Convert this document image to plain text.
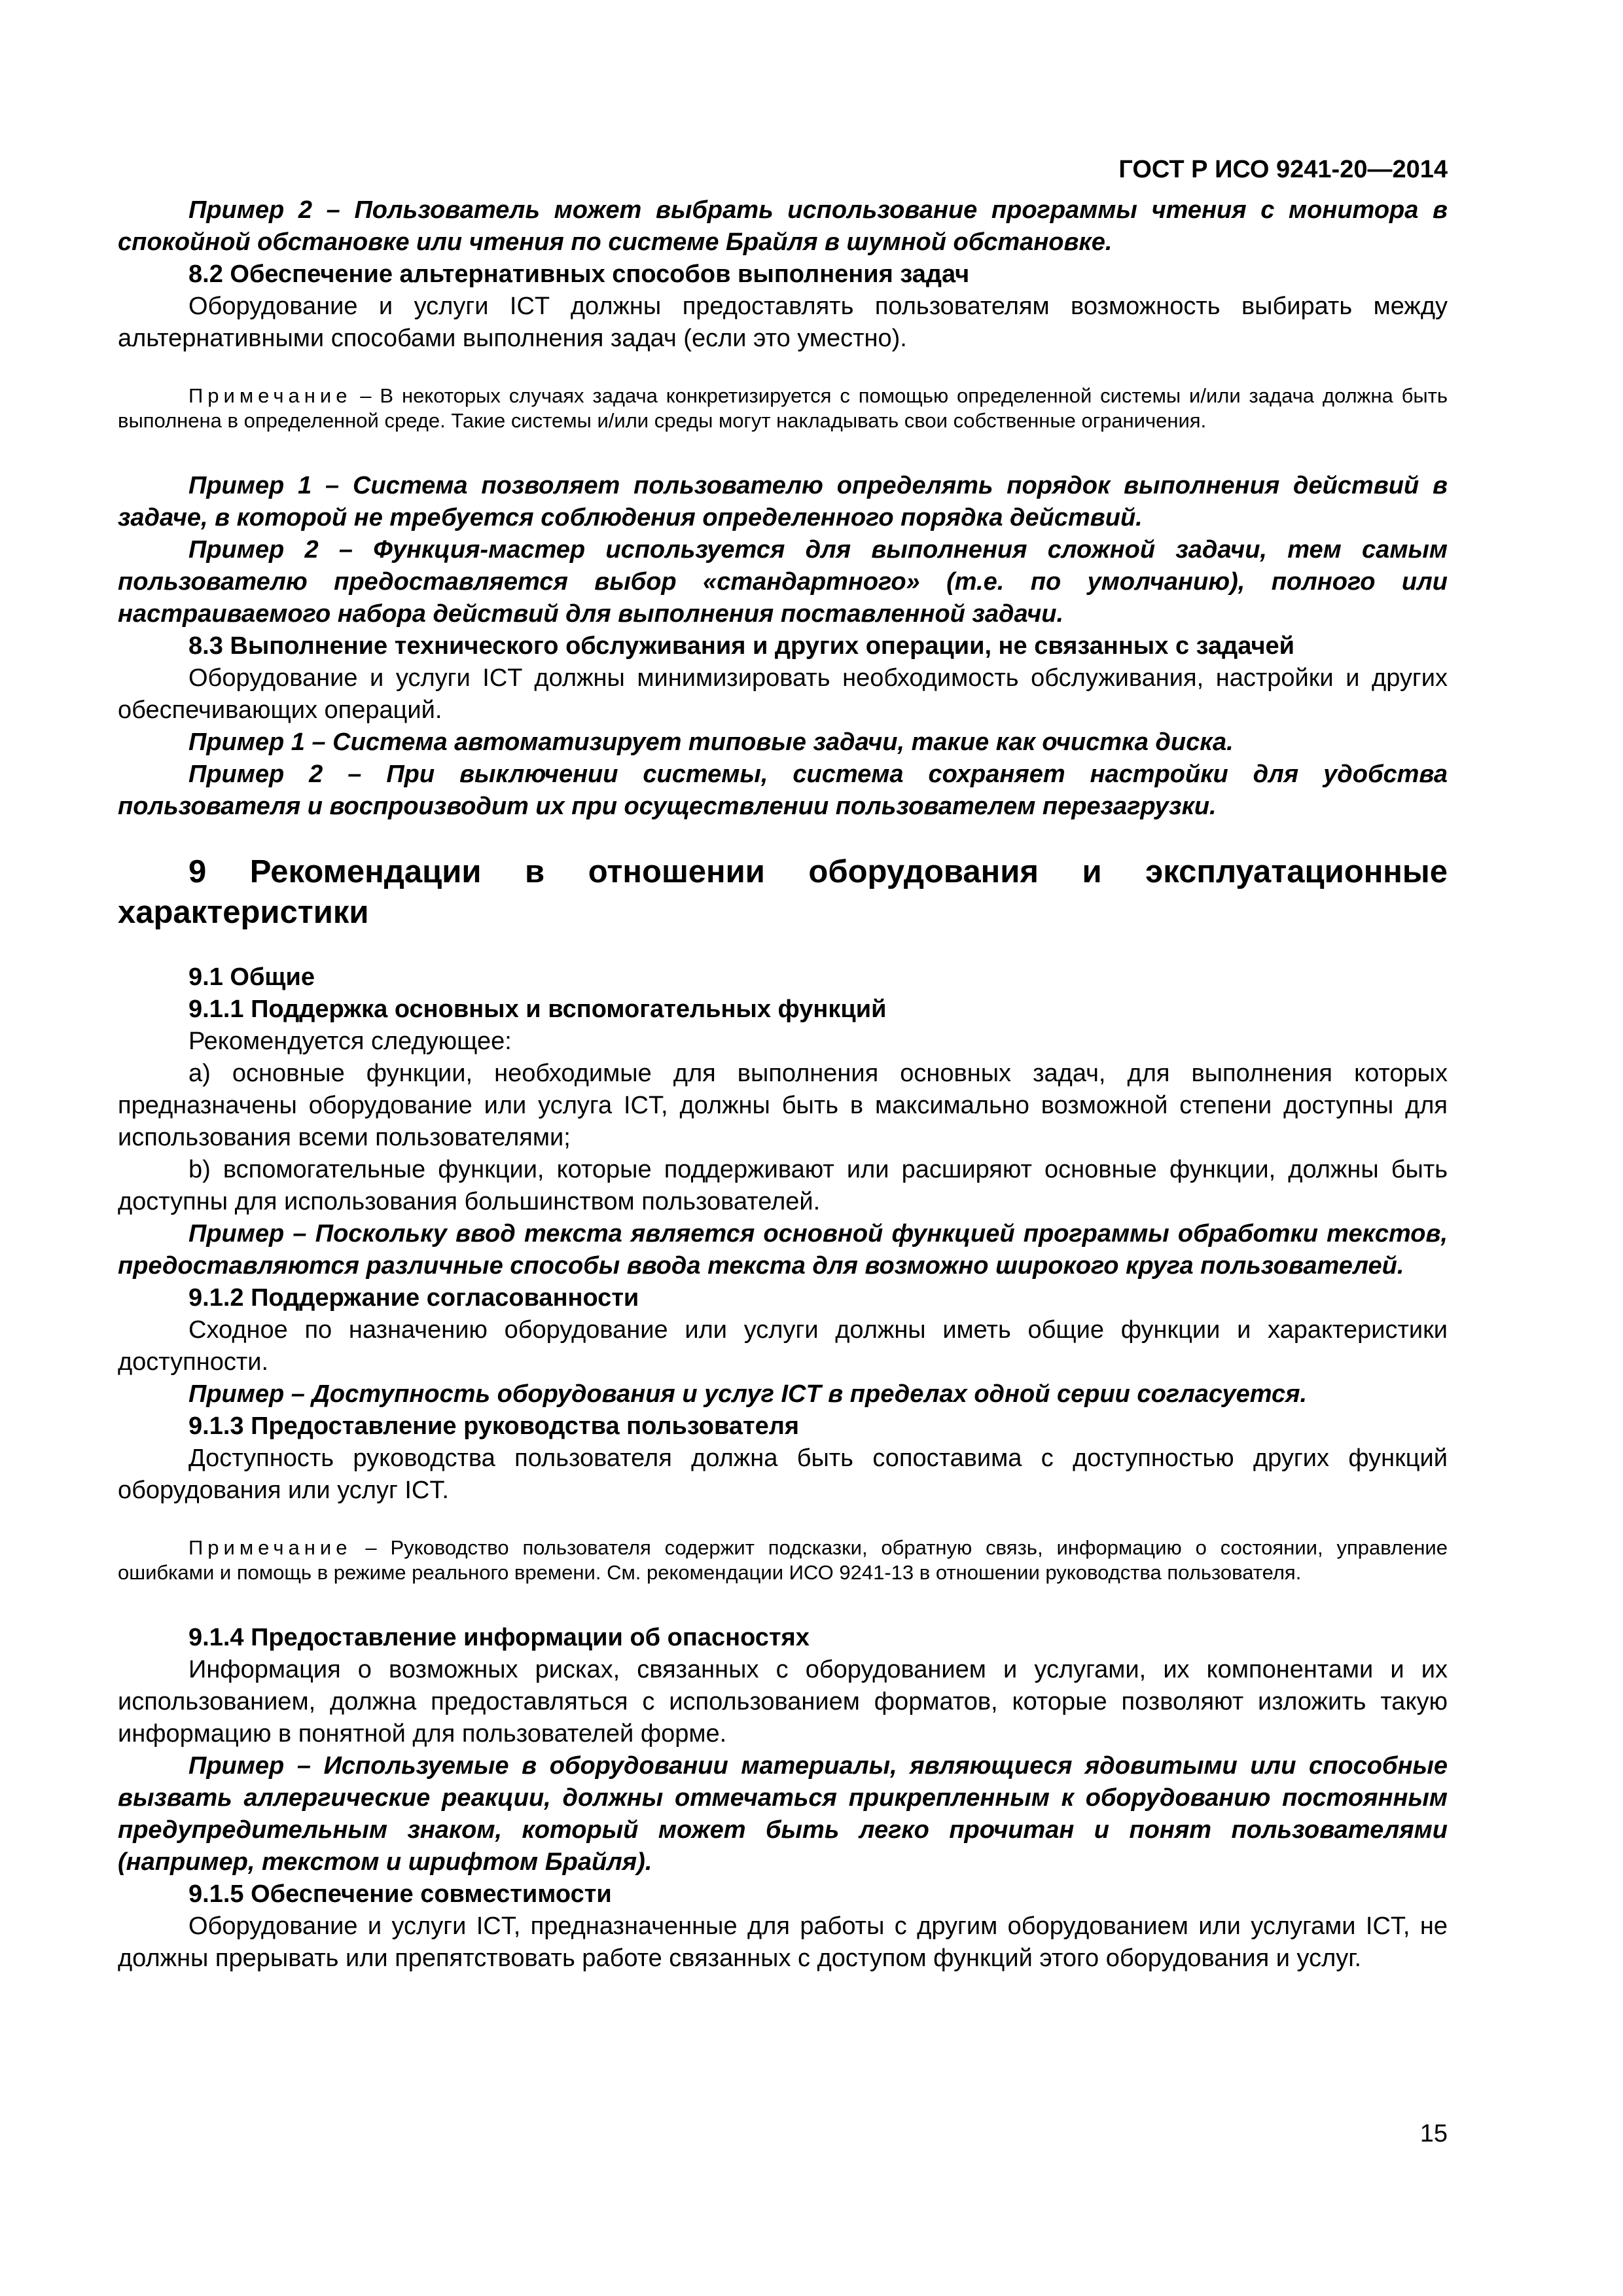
ГОСТ Р ИСО 9241-20—2014

Пример 2 – Пользователь может выбрать использование программы чтения с монитора в спокойной обстановке или чтения по системе Брайля в шумной обстановке.

8.2 Обеспечение альтернативных способов выполнения задач

Оборудование и услуги ICT должны предоставлять пользователям возможность выбирать между альтернативными способами выполнения задач (если это уместно).

Примечание – В некоторых случаях задача конкретизируется с помощью определенной системы и/или задача должна быть выполнена в определенной среде. Такие системы и/или среды могут накладывать свои собственные ограничения.

Пример 1 – Система позволяет пользователю определять порядок выполнения действий в задаче, в которой не требуется соблюдения определенного порядка действий.

Пример 2 – Функция-мастер используется для выполнения сложной задачи, тем самым пользователю предоставляется выбор «стандартного» (т.е. по умолчанию), полного или настраиваемого набора действий для выполнения поставленной задачи.

8.3 Выполнение технического обслуживания и других операции, не связанных с задачей

Оборудование и услуги ICT должны минимизировать необходимость обслуживания, настройки и других обеспечивающих операций.

Пример 1 – Система автоматизирует типовые задачи, такие как очистка диска.

Пример 2 – При выключении системы, система сохраняет настройки для удобства пользователя и воспроизводит их при осуществлении пользователем перезагрузки.

9 Рекомендации в отношении оборудования и эксплуатационные характеристики

9.1 Общие

9.1.1 Поддержка основных и вспомогательных функций

Рекомендуется следующее:

а) основные функции, необходимые для выполнения основных задач, для выполнения которых предназначены оборудование или услуга ICT, должны быть в максимально возможной степени доступны для использования всеми пользователями;

b) вспомогательные функции, которые поддерживают или расширяют основные функции, должны быть доступны для использования большинством пользователей.

Пример – Поскольку ввод текста является основной функцией программы обработки текстов, предоставляются различные способы ввода текста для возможно широкого круга пользователей.

9.1.2 Поддержание согласованности

Сходное по назначению оборудование или услуги должны иметь общие функции и характеристики доступности.

Пример – Доступность оборудования и услуг ICT в пределах одной серии согласуется.

9.1.3 Предоставление руководства пользователя

Доступность руководства пользователя должна быть сопоставима с доступностью других функций оборудования или услуг ICT.

Примечание – Руководство пользователя содержит подсказки, обратную связь, информацию о состоянии, управление ошибками и помощь в режиме реального времени. См. рекомендации ИСО 9241-13 в отношении руководства пользователя.

9.1.4 Предоставление информации об опасностях

Информация о возможных рисках, связанных с оборудованием и услугами, их компонентами и их использованием, должна предоставляться с использованием форматов, которые позволяют изложить такую информацию в понятной для пользователей форме.

Пример – Используемые в оборудовании материалы, являющиеся ядовитыми или способные вызвать аллергические реакции, должны отмечаться прикрепленным к оборудованию постоянным предупредительным знаком, который может быть легко прочитан и понят пользователями (например, текстом и шрифтом Брайля).

9.1.5 Обеспечение совместимости

Оборудование и услуги ICT, предназначенные для работы с другим оборудованием или услугами ICT, не должны прерывать или препятствовать работе связанных с доступом функций этого оборудования и услуг.

15
